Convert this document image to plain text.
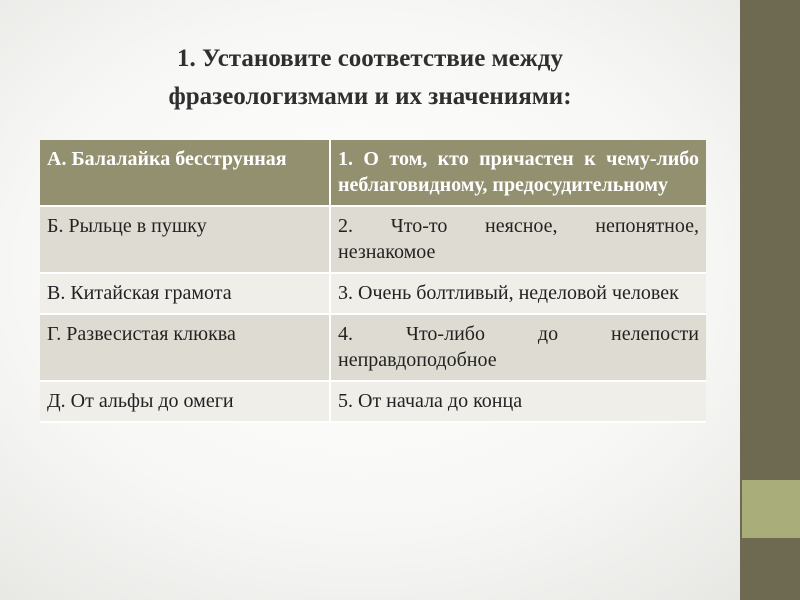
1. Установите соответствие между
фразеологизмами и их значениями:
А. Балалайка бесструнная	1. О том, кто причастен к чему-либо неблаговидному, предосудительному
Б. Рыльце в пушку	2. Что-то неясное, непонятное, незнакомое
В. Китайская грамота	3. Очень болтливый, неделовой человек
Г. Развесистая клюква	4. Что-либо до нелепости неправдоподобное
Д. От альфы до омеги	5. От начала до конца
